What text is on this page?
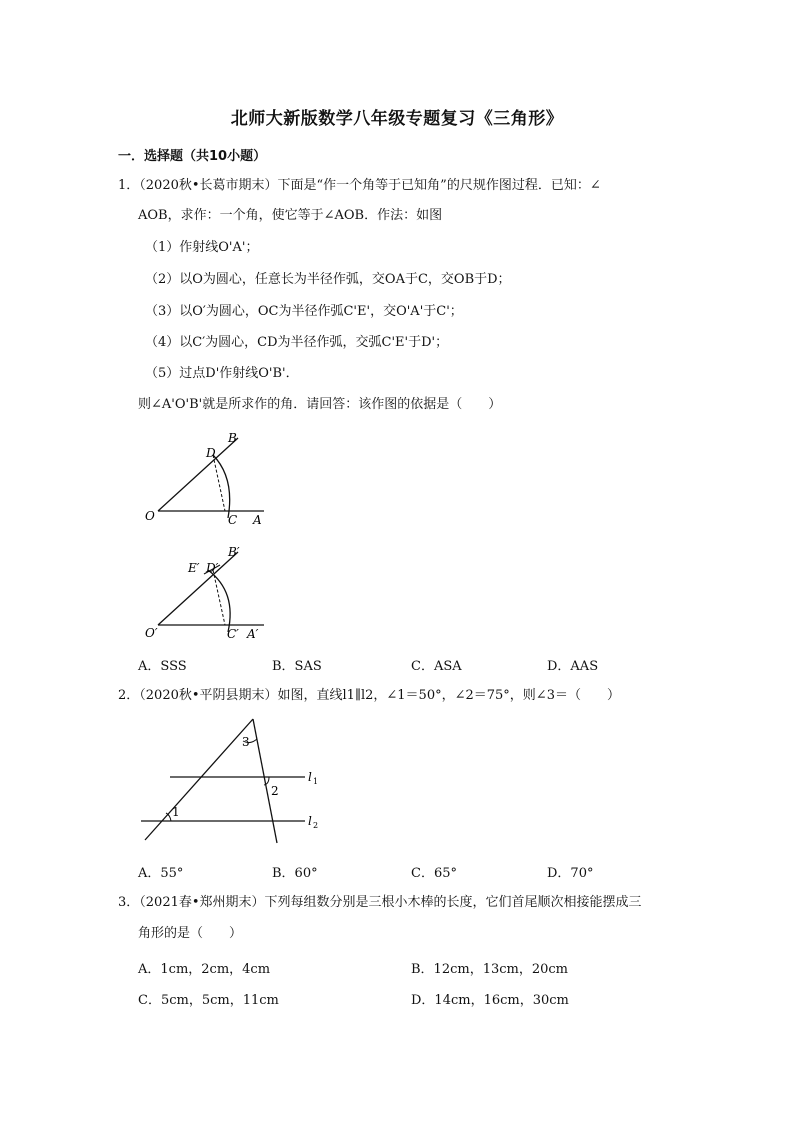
北师大新版数学八年级专题复习《三角形》
一．选择题（共10小题）
1．（2020秋•长葛市期末）下面是“作一个角等于已知角”的尺规作图过程．已知：∠
AOB，求作：一个角，使它等于∠AOB．作法：如图
（1）作射线O'A'；
（2）以O为圆心，任意长为半径作弧，交OA于C，交OB于D；
（3）以O′为圆心，OC为半径作弧C'E'，交O'A'于C'；
（4）以C′为圆心，CD为半径作弧，交弧C'E'于D'；
（5）过点D'作射线O'B'．
则∠A'O'B'就是所求作的角．请回答：该作图的依据是（　　）
B
D
O	C A
B′
E′ D′
O′	C′ A′
A．SSS	B．SAS	C．ASA	D．AAS
2．（2020秋•平阴县期末）如图，直线l1∥l2，∠1＝50°，∠2＝75°，则∠3＝（　　）
3
2
1
l 1
l 2
A．55°	B．60°	C．65°	D．70°
3．（2021春•郑州期末）下列每组数分别是三根小木棒的长度，它们首尾顺次相接能摆成三
角形的是（　　）
A．1cm，2cm，4cm	B．12cm，13cm，20cm
C．5cm，5cm，11cm	D．14cm，16cm，30cm
